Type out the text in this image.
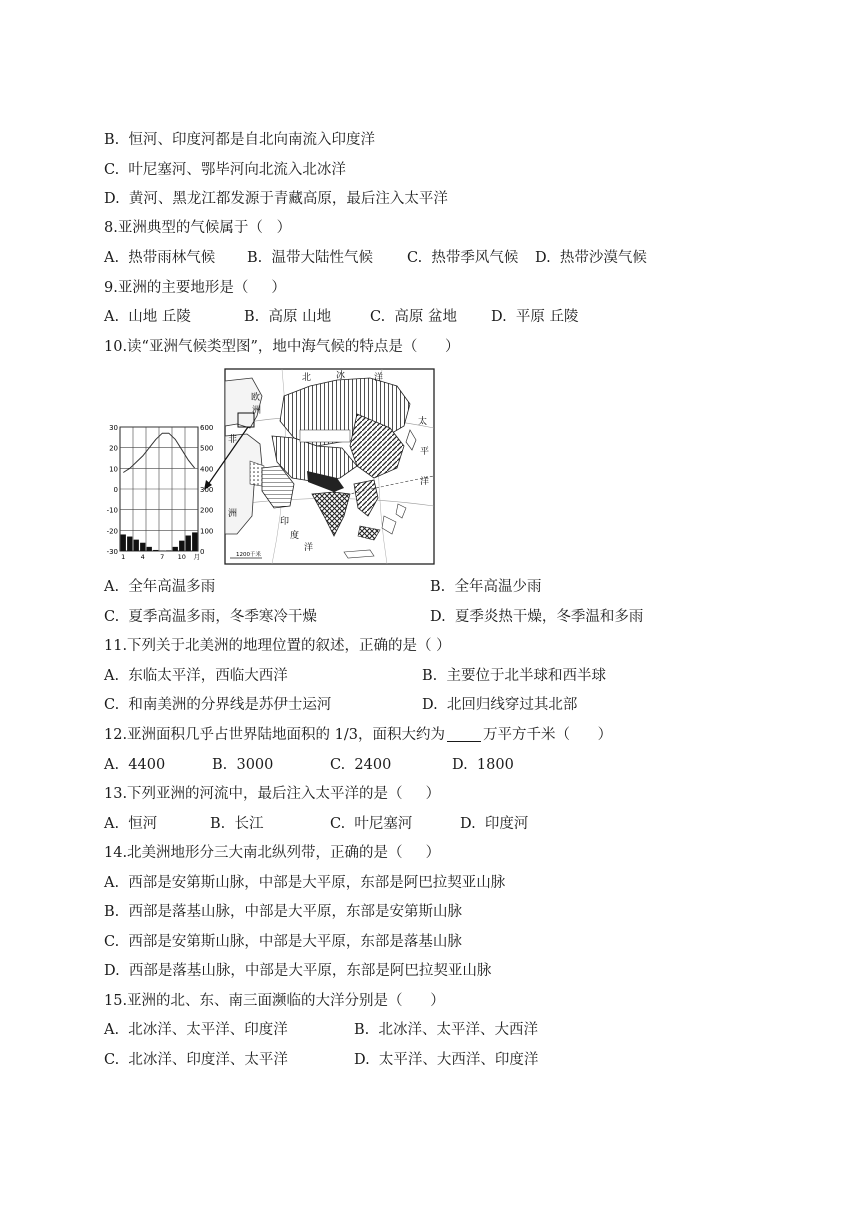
B.  恒河、印度河都是自北向南流入印度洋
C.  叶尼塞河、鄂毕河向北流入北冰洋
D.  黄河、黑龙江都发源于青藏高原，最后注入太平洋
8.亚洲典型的气候属于（   ）

A.  热带雨林气候

B.  温带大陆性气候

C.  热带季风气候

D.  热带沙漠气候

9.亚洲的主要地形是（     ）

A.  山地 丘陵

	B.  高原 山地

	C.  高原 盆地

D.  平原 丘陵

10.读“亚洲气候类型图”，地中海气候的特点是（      ）
北	冰	洋
欧
洲
太
平
洋
非
洲
印
度
洋
1200千米
30	600
20	500
10	400
0	300
-10	200
-20	100
-30	0
1 4 7 10 月

A.  全年高温多雨

	B.  全年高温少雨

C.  夏季高温多雨，冬季寒冷干燥

	D.  夏季炎热干燥，冬季温和多雨

11.下列关于北美洲的地理位置的叙述，正确的是（ ）

A.  东临太平洋，西临大西洋

	B.  主要位于北半球和西半球

C.  和南美洲的分界线是苏伊士运河

	D.  北回归线穿过其北部

12.亚洲面积几乎占世界陆地面积的 1/3，面积大约为	万平方千米（      ）

A.  4400

	B.  3000

	C.  2400

	D.  1800

13.下列亚洲的河流中，最后注入太平洋的是（     ）

A.  恒河

	B.  长江

	C.  叶尼塞河

	D.  印度河

14.北美洲地形分三大南北纵列带，正确的是（     ）
A.  西部是安第斯山脉，中部是大平原，东部是阿巴拉契亚山脉
B.  西部是落基山脉，中部是大平原，东部是安第斯山脉
C.  西部是安第斯山脉，中部是大平原，东部是落基山脉
D.  西部是落基山脉，中部是大平原，东部是阿巴拉契亚山脉
15.亚洲的北、东、南三面濒临的大洋分别是（      ）

A.  北冰洋、太平洋、印度洋

	B.  北冰洋、太平洋、大西洋

C.  北冰洋、印度洋、太平洋

	D.  太平洋、大西洋、印度洋
